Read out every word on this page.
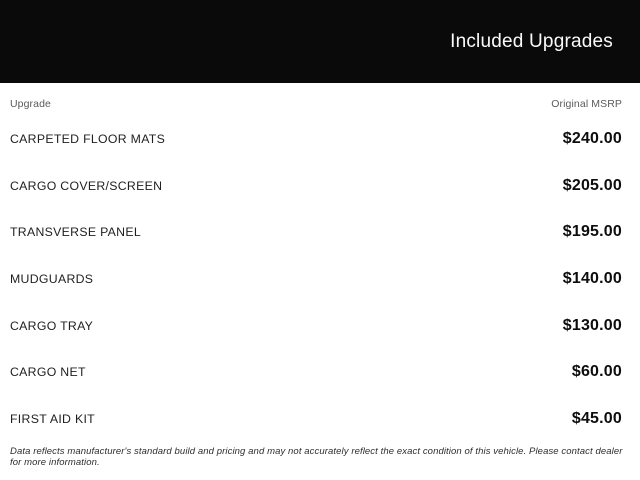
Included Upgrades
Upgrade	Original MSRP
CARPETED FLOOR MATS	$240.00
CARGO COVER/SCREEN	$205.00
TRANSVERSE PANEL	$195.00
MUDGUARDS	$140.00
CARGO TRAY	$130.00
CARGO NET	$60.00
FIRST AID KIT	$45.00

Data reflects manufacturer's standard build and pricing and may not accurately reflect the exact condition of this vehicle. Please contact dealer for more information.
